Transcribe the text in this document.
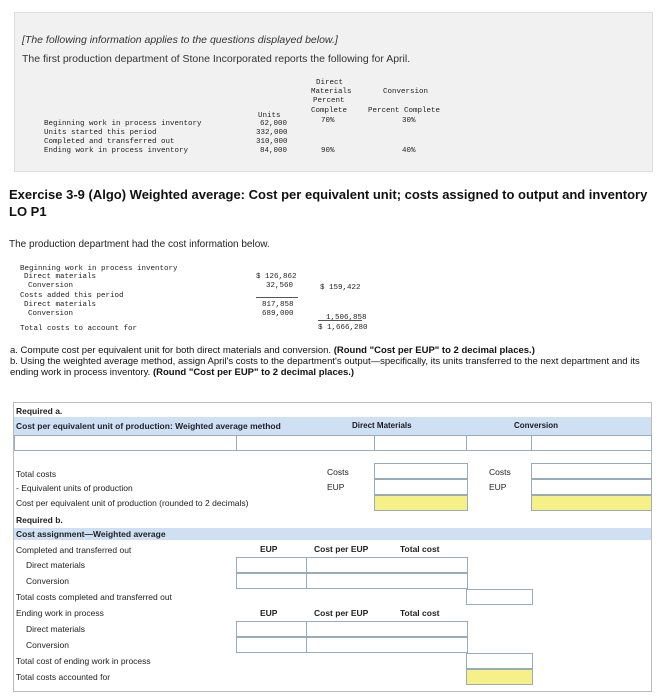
[The following information applies to the questions displayed below.]
The first production department of Stone Incorporated reports the following for April.
Units
Direct
Materials
Percent
Complete
Conversion
Percent Complete
Beginning work in process inventory	62,000	70%	30%
Units started this period	332,000
Completed and transferred out	310,000
Ending work in process inventory	84,000	90%	40%
Exercise 3-9 (Algo) Weighted average: Cost per equivalent unit; costs assigned to output and inventory LO P1
The production department had the cost information below.
Beginning work in process inventory
Direct materials	$ 126,862
Conversion	32,560	$ 159,422
Costs added this period
Direct materials	817,858
Conversion	689,000	1,506,858
Total costs to account for	$ 1,666,280
a. Compute cost per equivalent unit for both direct materials and conversion. (Round "Cost per EUP" to 2 decimal places.)
b. Using the weighted average method, assign April's costs to the department's output—specifically, its units transferred to the next department and its ending work in process inventory. (Round "Cost per EUP" to 2 decimal places.)
Required a.
Cost per equivalent unit of production: Weighted average method	Direct Materials	Conversion
Total costs	Costs	Costs
- Equivalent units of production	EUP	EUP
Cost per equivalent unit of production (rounded to 2 decimals)
Required b.
Cost assignment—Weighted average
Completed and transferred out	EUP	Cost per EUP	Total cost
Direct materials
Conversion
Total costs completed and transferred out
Ending work in process	EUP	Cost per EUP	Total cost
Direct materials
Conversion
Total cost of ending work in process
Total costs accounted for
